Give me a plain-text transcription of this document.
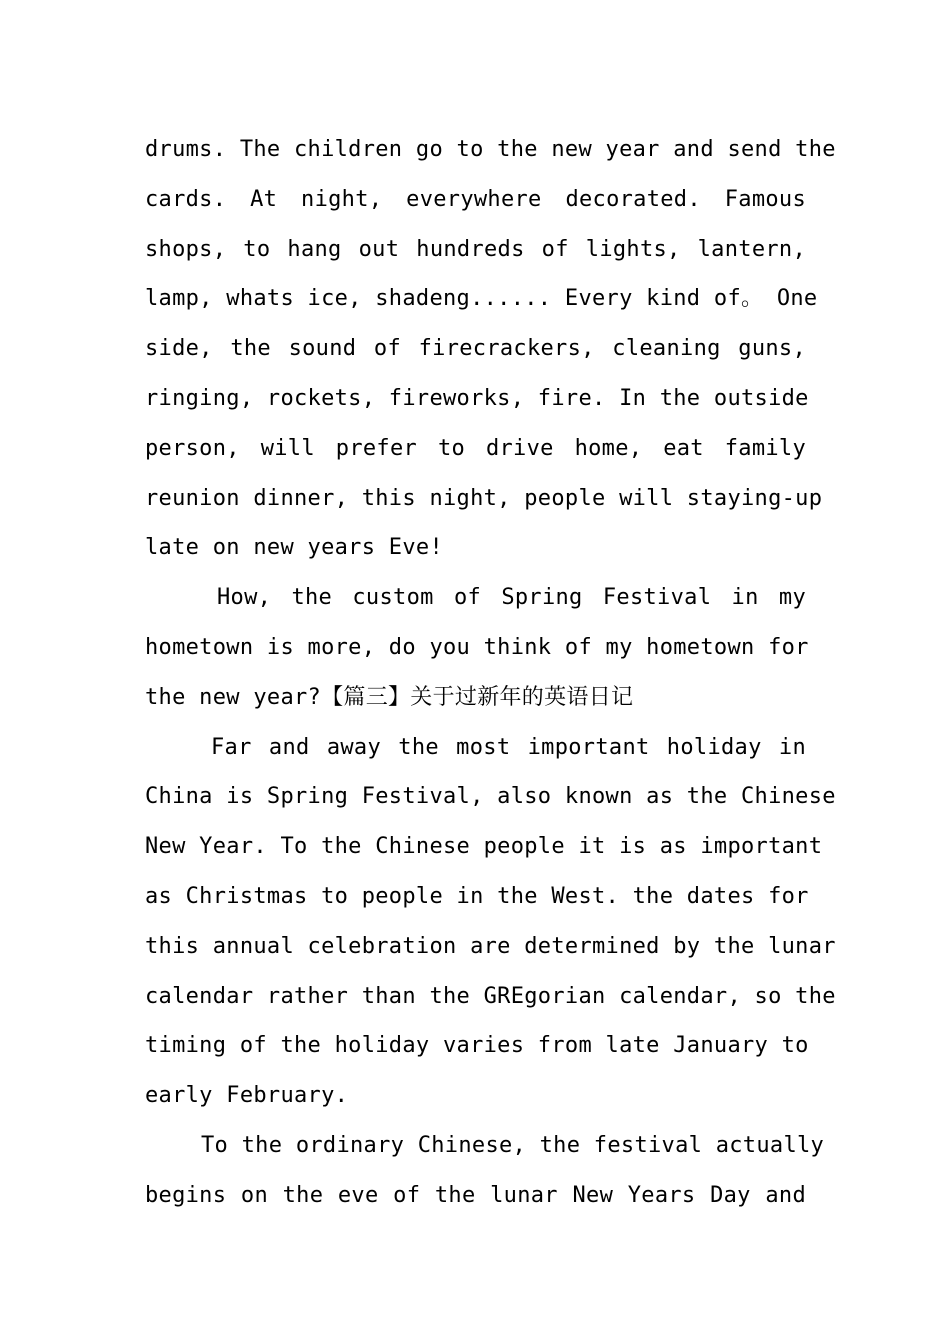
drums. The children go to the new year and send the
cards. At night, everywhere decorated. Famous
shops, to hang out hundreds of lights, lantern,
lamp, whats ice, shadeng...... Every kind of。 One
side, the sound of firecrackers, cleaning guns,
ringing, rockets, fireworks, fire. In the outside
person, will prefer to drive home, eat family
reunion dinner, this night, people will staying-up
late on new years Eve!
How, the custom of Spring Festival in my
hometown is more, do you think of my hometown for
the new year?【篇三】关于过新年的英语日记
Far and away the most important holiday in
China is Spring Festival, also known as the Chinese
New Year. To the Chinese people it is as important
as Christmas to people in the West. the dates for
this annual celebration are determined by the lunar
calendar rather than the GREgorian calendar, so the
timing of the holiday varies from late January to
early February.
To the ordinary Chinese, the festival actually
begins on the eve of the lunar New Years Day and
